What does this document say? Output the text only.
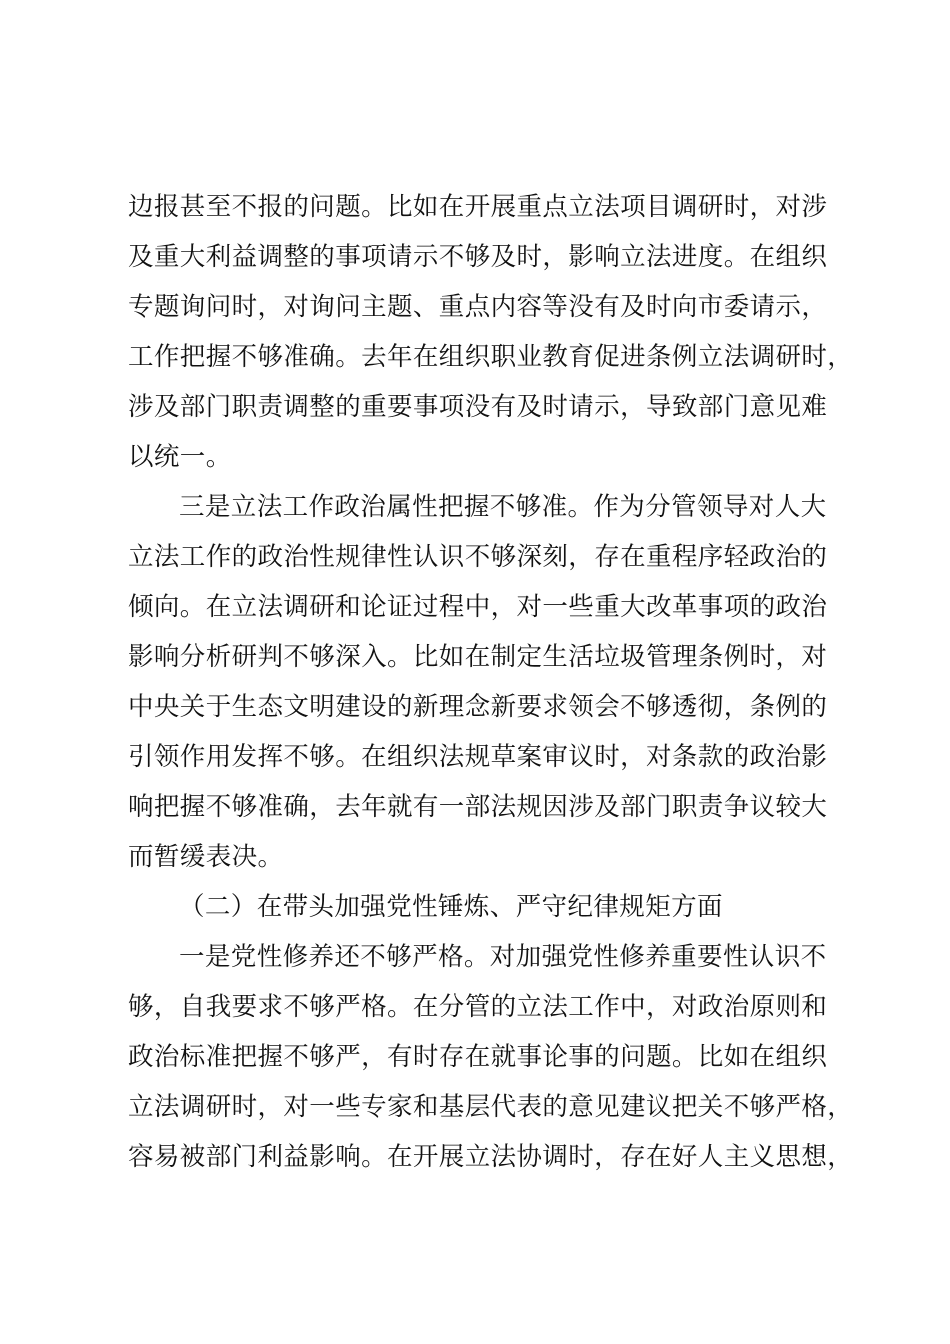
边报甚至不报的问题。比如在开展重点立法项目调研时，对涉
及重大利益调整的事项请示不够及时，影响立法进度。在组织
专题询问时，对询问主题、重点内容等没有及时向市委请示，
工作把握不够准确。去年在组织职业教育促进条例立法调研时，
涉及部门职责调整的重要事项没有及时请示，导致部门意见难
以统一。
三是立法工作政治属性把握不够准。作为分管领导对人大
立法工作的政治性规律性认识不够深刻，存在重程序轻政治的
倾向。在立法调研和论证过程中，对一些重大改革事项的政治
影响分析研判不够深入。比如在制定生活垃圾管理条例时，对
中央关于生态文明建设的新理念新要求领会不够透彻，条例的
引领作用发挥不够。在组织法规草案审议时，对条款的政治影
响把握不够准确，去年就有一部法规因涉及部门职责争议较大
而暂缓表决。
（二）在带头加强党性锤炼、严守纪律规矩方面
一是党性修养还不够严格。对加强党性修养重要性认识不
够，自我要求不够严格。在分管的立法工作中，对政治原则和
政治标准把握不够严，有时存在就事论事的问题。比如在组织
立法调研时，对一些专家和基层代表的意见建议把关不够严格，
容易被部门利益影响。在开展立法协调时，存在好人主义思想，
